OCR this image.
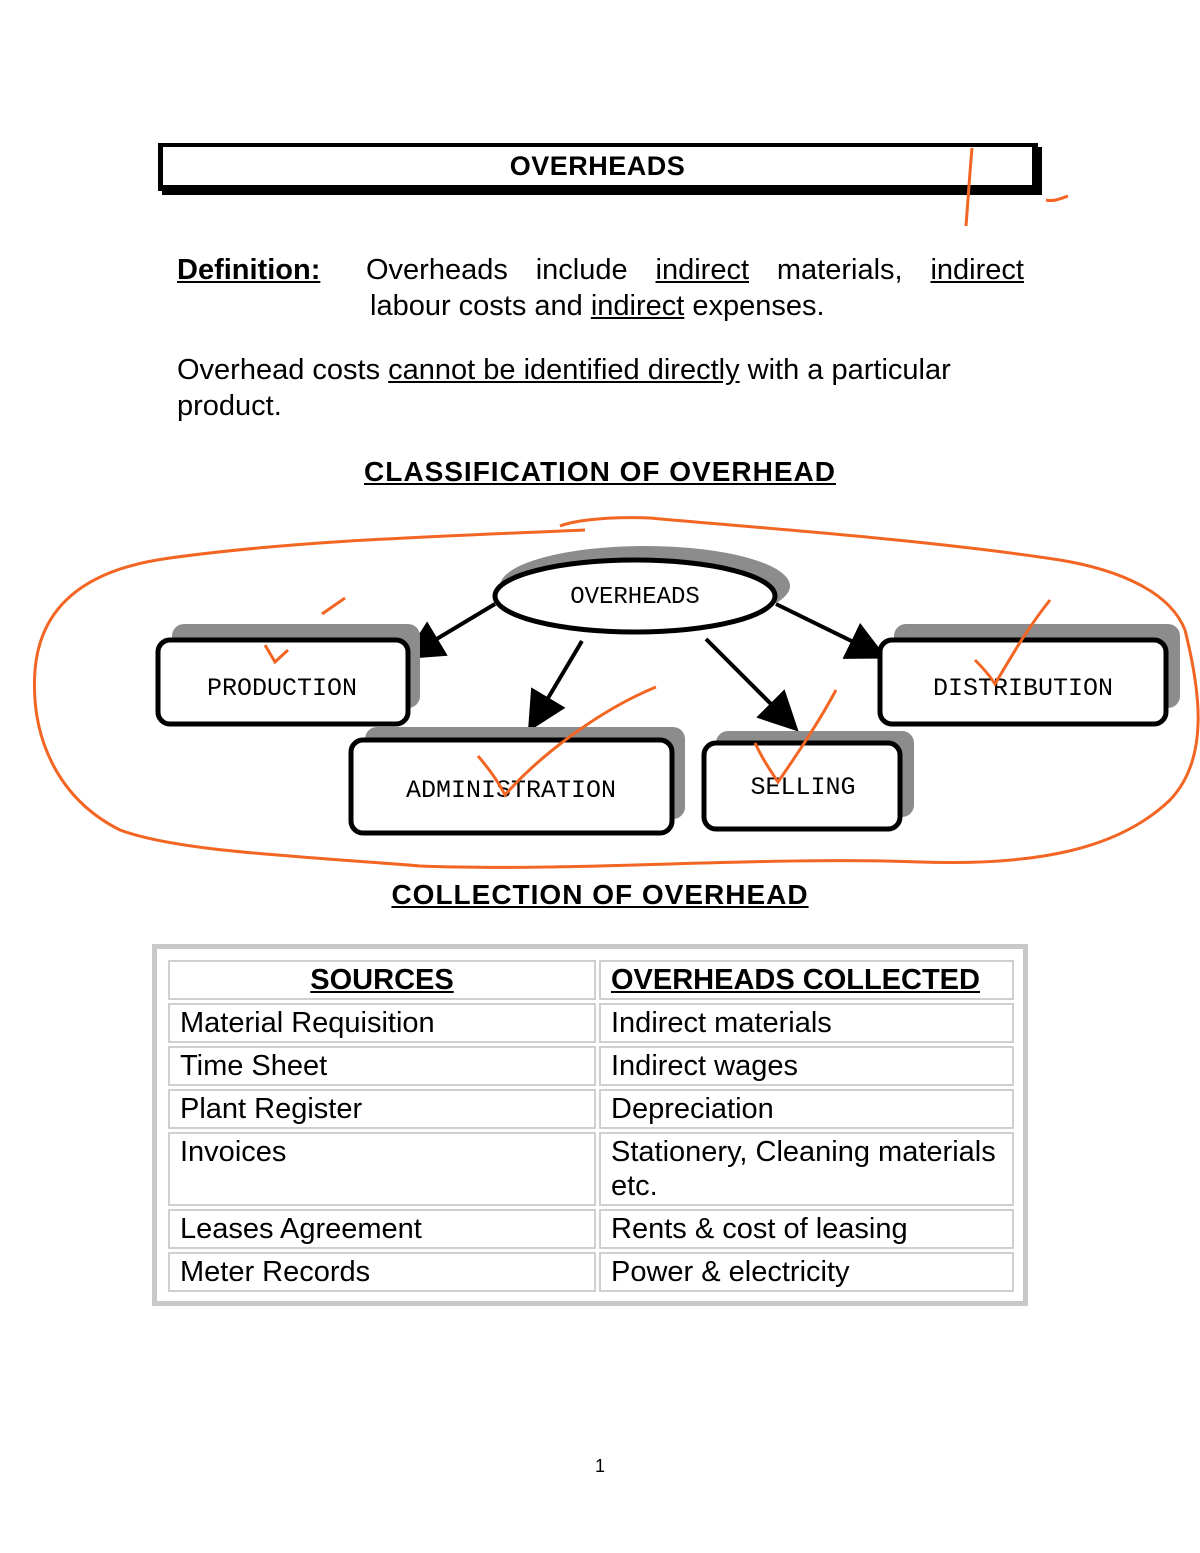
OVERHEADS
Definition: Overheads include indirect materials, indirect
labour costs and indirect expenses.
Overhead costs cannot be identified directly with a particular product.
CLASSIFICATION OF OVERHEAD
OVERHEADS
PRODUCTION	DISTRIBUTION
ADMINISTRATION	SELLING
COLLECTION OF OVERHEAD
SOURCES	OVERHEADS COLLECTED
Material Requisition	Indirect materials
Time Sheet	Indirect wages
Plant Register	Depreciation
Invoices	Stationery, Cleaning materials etc.
Leases Agreement	Rents & cost of leasing
Meter Records	Power & electricity
1
